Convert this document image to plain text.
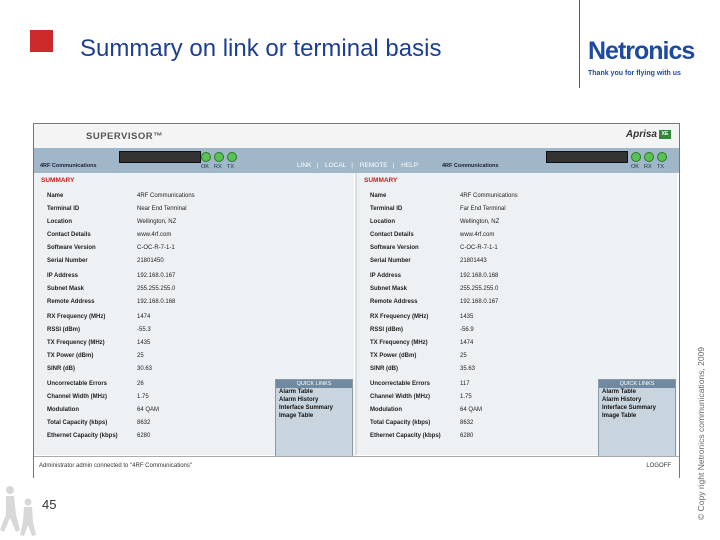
Summary on link or terminal basis	Netronics
Thank you for flying with us
© Copy right Netronics communications, 2009
45
SUPERVISOR™	Aprisa XE
OK RX TX
4RF Communications	LINK | LOCAL | REMOTE | HELP	4RF Communications	OK RX TX
SUMMARY
Name	4RF Communications
Terminal ID	Near End Terminal
Location	Wellington, NZ
Contact Details	www.4rf.com
Software Version	C-OC-R-7-1-1
Serial Number	21801450
IP Address	192.168.0.167
Subnet Mask	255.255.255.0
Remote Address	192.168.0.168
RX Frequency (MHz)	1474
RSSI (dBm)	-55.3
TX Frequency (MHz)	1435
TX Power (dBm)	25
SINR (dB)	30.63
Uncorrectable Errors	26
Channel Width (MHz)	1.75
Modulation	64 QAM
Total Capacity (kbps)	8632
Ethernet Capacity (kbps)	6280
SUMMARY
Name	4RF Communications
Terminal ID	Far End Terminal
Location	Wellington, NZ
Contact Details	www.4rf.com
Software Version	C-OC-R-7-1-1
Serial Number	21801443
IP Address	192.168.0.168
Subnet Mask	255.255.255.0
Remote Address	192.168.0.167
RX Frequency (MHz)	1435
RSSI (dBm)	-56.9
TX Frequency (MHz)	1474
TX Power (dBm)	25
SINR (dB)	35.63
Uncorrectable Errors	117
Channel Width (MHz)	1.75
Modulation	64 QAM
Total Capacity (kbps)	8632
Ethernet Capacity (kbps)	6280
QUICK LINKS
Alarm Table
Alarm History
Interface Summary
Image Table
QUICK LINKS
Alarm Table
Alarm History
Interface Summary
Image Table
Administrator admin connected to "4RF Communications"	LOGOFF
